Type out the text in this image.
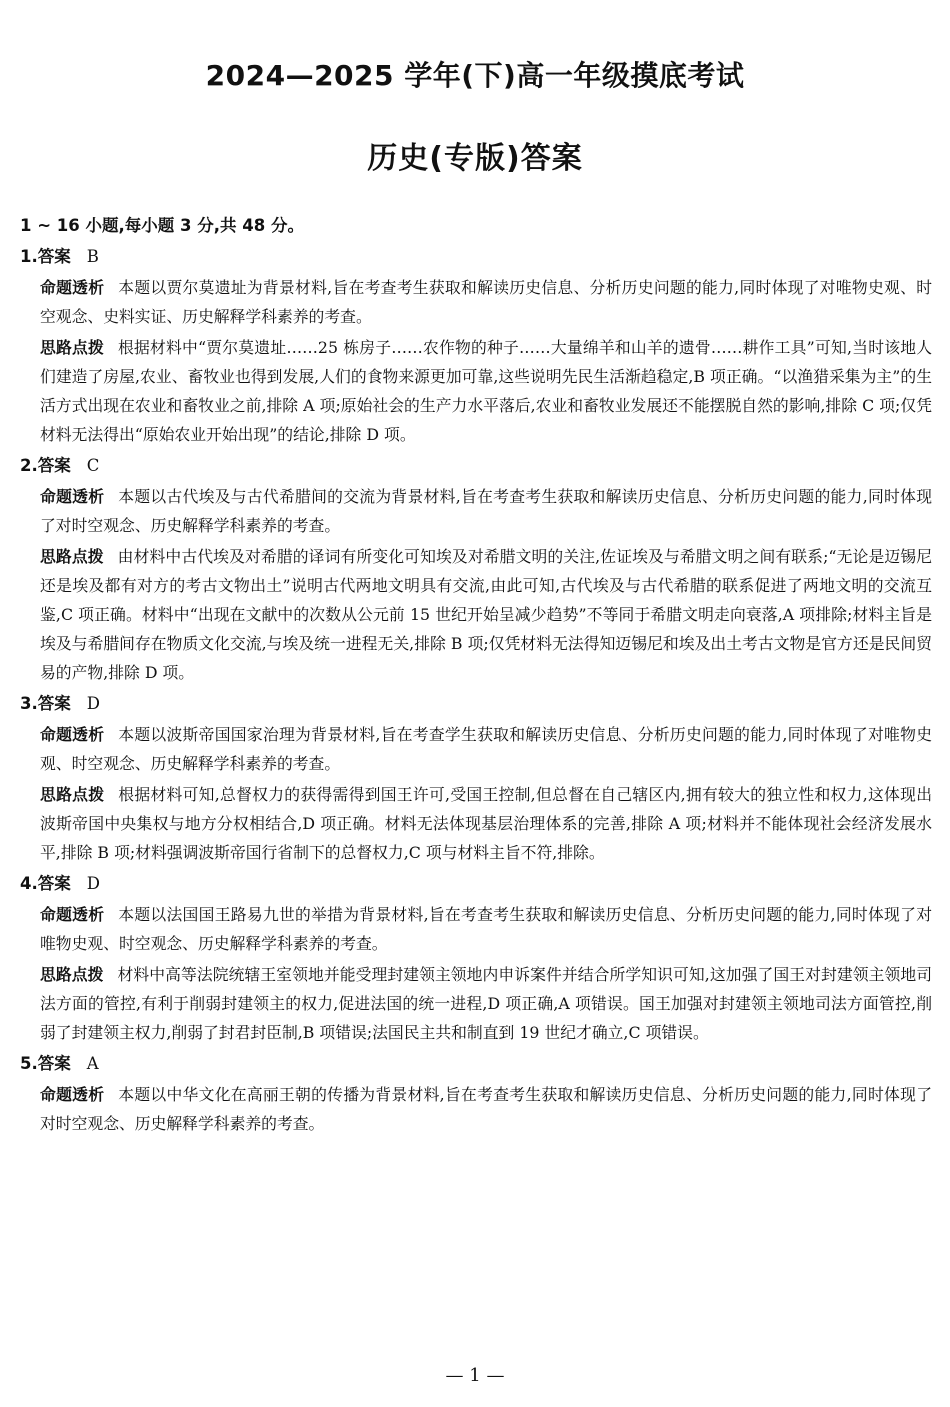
2024—2025 学年(下)高一年级摸底考试
历史(专版)答案
1 ~ 16 小题,每小题 3 分,共 48 分。
1.答案 B
命题透析 本题以贾尔莫遗址为背景材料,旨在考查考生获取和解读历史信息、分析历史问题的能力,同时体现了对唯物史观、时空观念、史料实证、历史解释学科素养的考查。
思路点拨 根据材料中“贾尔莫遗址……25 栋房子……农作物的种子……大量绵羊和山羊的遗骨……耕作工具”可知,当时该地人们建造了房屋,农业、畜牧业也得到发展,人们的食物来源更加可靠,这些说明先民生活渐趋稳定,B 项正确。“以渔猎采集为主”的生活方式出现在农业和畜牧业之前,排除 A 项;原始社会的生产力水平落后,农业和畜牧业发展还不能摆脱自然的影响,排除 C 项;仅凭材料无法得出“原始农业开始出现”的结论,排除 D 项。
2.答案 C
命题透析 本题以古代埃及与古代希腊间的交流为背景材料,旨在考查考生获取和解读历史信息、分析历史问题的能力,同时体现了对时空观念、历史解释学科素养的考查。
思路点拨 由材料中古代埃及对希腊的译词有所变化可知埃及对希腊文明的关注,佐证埃及与希腊文明之间有联系;“无论是迈锡尼还是埃及都有对方的考古文物出土”说明古代两地文明具有交流,由此可知,古代埃及与古代希腊的联系促进了两地文明的交流互鉴,C 项正确。材料中“出现在文献中的次数从公元前 15 世纪开始呈减少趋势”不等同于希腊文明走向衰落,A 项排除;材料主旨是埃及与希腊间存在物质文化交流,与埃及统一进程无关,排除 B 项;仅凭材料无法得知迈锡尼和埃及出土考古文物是官方还是民间贸易的产物,排除 D 项。
3.答案 D
命题透析 本题以波斯帝国国家治理为背景材料,旨在考查学生获取和解读历史信息、分析历史问题的能力,同时体现了对唯物史观、时空观念、历史解释学科素养的考查。
思路点拨 根据材料可知,总督权力的获得需得到国王许可,受国王控制,但总督在自己辖区内,拥有较大的独立性和权力,这体现出波斯帝国中央集权与地方分权相结合,D 项正确。材料无法体现基层治理体系的完善,排除 A 项;材料并不能体现社会经济发展水平,排除 B 项;材料强调波斯帝国行省制下的总督权力,C 项与材料主旨不符,排除。
4.答案 D
命题透析 本题以法国国王路易九世的举措为背景材料,旨在考查考生获取和解读历史信息、分析历史问题的能力,同时体现了对唯物史观、时空观念、历史解释学科素养的考查。
思路点拨 材料中高等法院统辖王室领地并能受理封建领主领地内申诉案件并结合所学知识可知,这加强了国王对封建领主领地司法方面的管控,有利于削弱封建领主的权力,促进法国的统一进程,D 项正确,A 项错误。国王加强对封建领主领地司法方面管控,削弱了封建领主权力,削弱了封君封臣制,B 项错误;法国民主共和制直到 19 世纪才确立,C 项错误。
5.答案 A
命题透析 本题以中华文化在高丽王朝的传播为背景材料,旨在考查考生获取和解读历史信息、分析历史问题的能力,同时体现了对时空观念、历史解释学科素养的考查。
— 1 —
